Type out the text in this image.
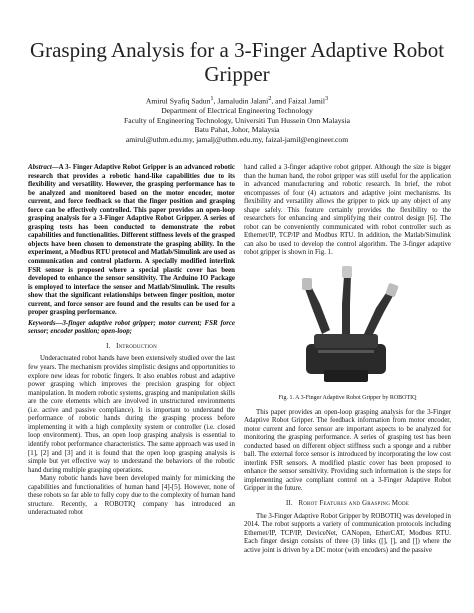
Grasping Analysis for a 3-Finger Adaptive Robot Gripper
Amirul Syafiq Sadun$^1$, Jamaludin Jalani$^2$, and Faizal Jamil$^3$
Department of Electrical Engineering Technology
Faculty of Engineering Technology, Universiti Tun Hussein Onn Malaysia
Batu Pahat, Johor, Malaysia
amirul@uthm.edu.my, jamalj@uthm.edu.my, faizal-jamil@engineer.com

Abstract—A 3- Finger Adaptive Robot Gripper is an advanced robotic research that provides a robotic hand-like capabilities due to its flexibility and versatility. However, the grasping performance has to be analyzed and monitored based on the motor encoder, motor current, and force feedback so that the finger position and grasping force can be effectively controlled. This paper provides an open-loop grasping analysis for a 3-Finger Adaptive Robot Gripper. A series of grasping tests has been conducted to demonstrate the robot capabilities and functionalities. Different stiffness levels of the grasped objects have been chosen to demonstrate the grasping ability. In the experiment, a Modbus RTU protocol and Matlab/Simulink are used as communication and control platform. A specially modified interlink FSR sensor is proposed where a special plastic cover has been developed to enhance the sensor sensitivity. The Arduino IO Package is employed to interface the sensor and Matlab/Simulink. The results show that the significant relationships between finger position, motor current, and force sensor are found and the results can be used for a proper grasping performance.

Keywords—3-finger adaptive robot gripper; motor current; FSR force sensor; encoder position; open-loop;

I. Introduction

Underactuated robot hands have been extensively studied over the last few years. The mechanism provides simplistic designs and opportunities to explore new ideas for robotic fingers. It also enables robust and adaptive power grasping which improves the precision grasping for object manipulation. In modern robotic systems, grasping and manipulation skills are the core elements which are involved in unstructured environments (i.e. active and passive compliance). It is important to understand the performance of robotic hands during the grasping process before implementing it with a high complexity system or controller (i.e. closed loop environment). Thus, an open loop grasping analysis is essential to identify robot performance characteristics. The same approach was used in [1], [2] and [3] and it is found that the open loop grasping analysis is simple but yet effective way to understand the behaviors of the robotic hand during multiple grasping operations.

Many robotic hands have been developed mainly for mimicking the capabilities and functionalities of human hand [4]-[5]. However, none of these robots so far able to fully copy due to the complexity of human hand structure. Recently, a ROBOTIQ company has introduced an underactuated robot

hand called a 3-finger adaptive robot gripper. Although the size is bigger than the human hand, the robot gripper was still useful for the application in advanced manufacturing and robotic research. In brief, the robot encompasses of four (4) actuators and adaptive joint mechanisms. Its flexibility and versatility allows the gripper to pick up any object of any shape safely. This feature certainly provides the flexibility to the researchers for enhancing and simplifying their control design [6]. The robot can be conveniently communicated with robot controller such as Ethernet/IP, TCP/IP and Modbus RTU. In addition, the Matlab/Simulink can also be used to develop the control algorithm. The 3-finger adaptive robot gripper is shown in Fig. 1.

Fig. 1. A 3-Finger Adaptive Robot Gripper by ROBOTIQ

This paper provides an open-loop grasping analysis for the 3-Finger Adaptive Robot Gripper. The feedback information from motor encoder, motor current and force sensor are important aspects to be analyzed for monitoring the grasping performance. A series of grasping test has been conducted based on different object stiffness such a sponge and a rubber ball. The external force sensor is introduced by incorporating the low cost interlink FSR sensors. A modified plastic cover has been proposed to enhance the sensor sensitivity. Providing such information is the steps for implementing active compliant control on a 3-Finger Adaptive Robot Gripper in the future.

II. Robot Features and Grasping Mode

The 3-Finger Adaptive Robot Gripper by ROBOTIQ was developed in 2014. The robot supports a variety of communication protocols including Ethernet/IP, TCP/IP, DeviceNet, CANopen, EtherCAT, Modbus RTU. Each finger design consists of three (3) links ([], [], and []) where the active joint is driven by a DC motor (with encoders) and the passive
